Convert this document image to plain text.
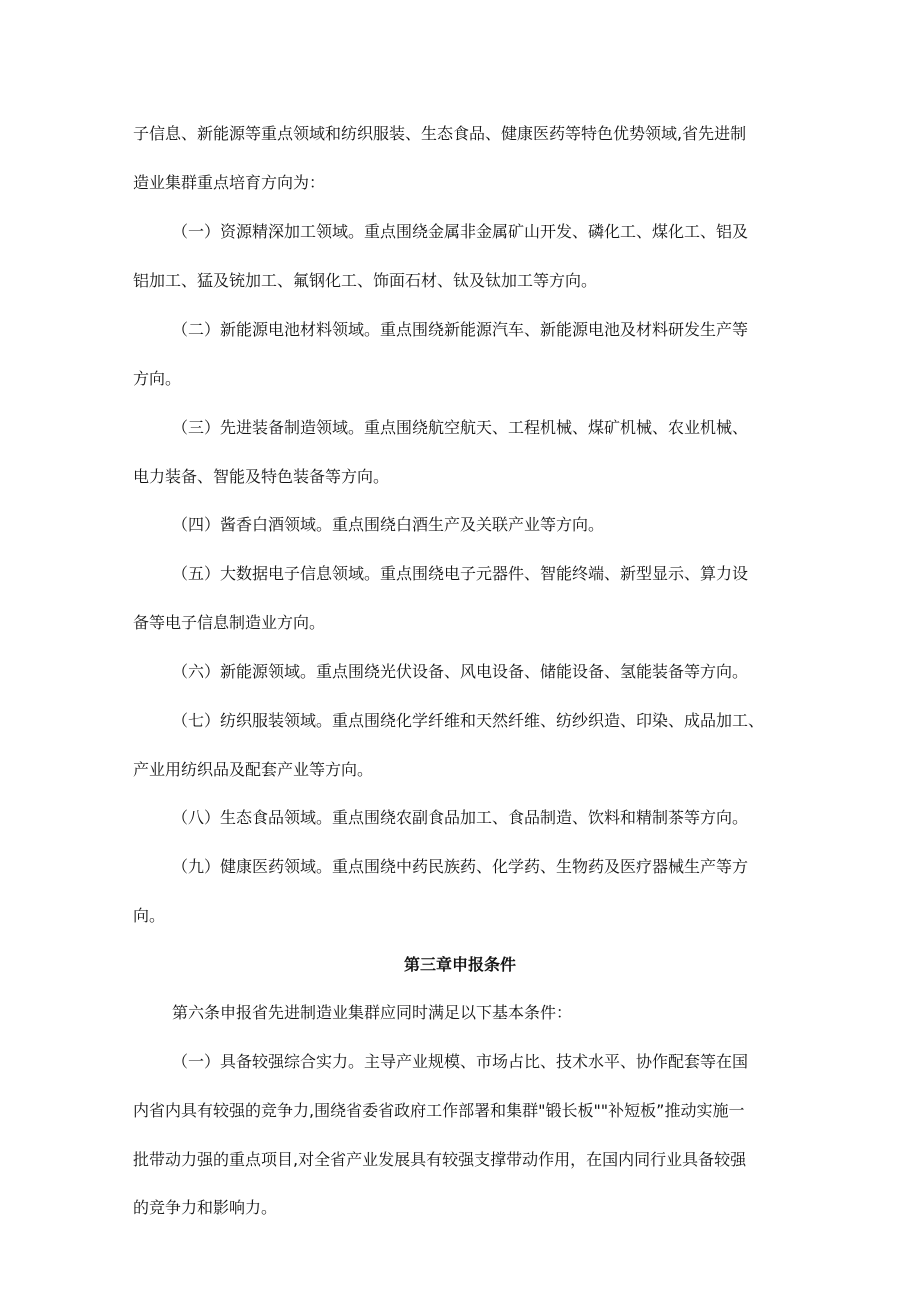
子信息、新能源等重点领域和纺织服装、生态食品、健康医药等特色优势领域,省先进制
造业集群重点培育方向为：
（一）资源精深加工领域。重点围绕金属非金属矿山开发、磷化工、煤化工、铝及
铝加工、猛及铳加工、氟钢化工、饰面石材、钛及钛加工等方向。
（二）新能源电池材料领域。重点围绕新能源汽车、新能源电池及材料研发生产等
方向。
（三）先进装备制造领域。重点围绕航空航天、工程机械、煤矿机械、农业机械、
电力装备、智能及特色装备等方向。
（四）酱香白酒领域。重点围绕白酒生产及关联产业等方向。
（五）大数据电子信息领域。重点围绕电子元器件、智能终端、新型显示、算力设
备等电子信息制造业方向。
（六）新能源领域。重点围绕光伏设备、风电设备、储能设备、氢能装备等方向。
（七）纺织服装领域。重点围绕化学纤维和天然纤维、纺纱织造、印染、成品加工、
产业用纺织品及配套产业等方向。
（八）生态食品领域。重点围绕农副食品加工、食品制造、饮料和精制茶等方向。
（九）健康医药领域。重点围绕中药民族药、化学药、生物药及医疗器械生产等方
向。
第三章申报条件
第六条申报省先进制造业集群应同时满足以下基本条件：
（一）具备较强综合实力。主导产业规模、市场占比、技术水平、协作配套等在国
内省内具有较强的竞争力,围绕省委省政府工作部署和集群"锻长板""补短板”推动实施一
批带动力强的重点项目,对全省产业发展具有较强支撑带动作用，在国内同行业具备较强
的竞争力和影响力。
